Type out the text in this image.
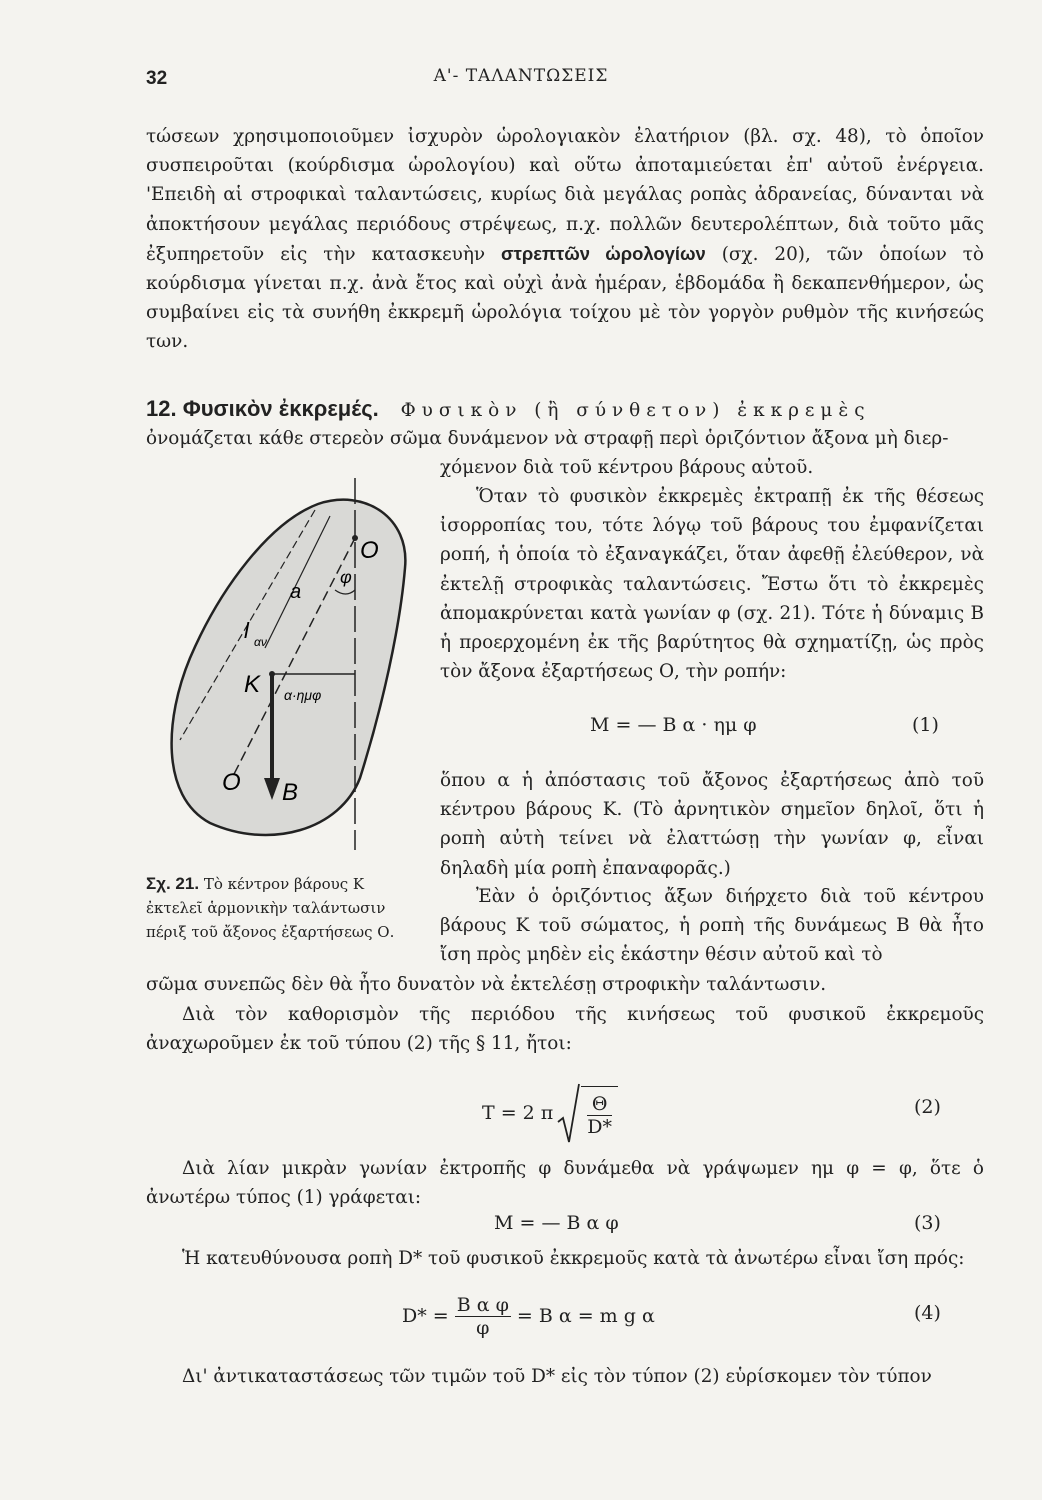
32	Α'- ΤΑΛΑΝΤΩΣΕΙΣ

τώσεων χρησιμοποιοῦμεν ἰσχυρὸν ὡρολογιακὸν ἐλατήριον (βλ. σχ. 48), τὸ ὁποῖον συσπειροῦται (κούρδισμα ὡρολογίου) καὶ οὕτω ἀποταμιεύεται ἐπ' αὐτοῦ ἐνέργεια. 'Επειδὴ αἱ στροφικαὶ ταλαντώσεις, κυρίως διὰ μεγάλας ροπὰς ἀδρανείας, δύνανται νὰ ἀποκτήσουν μεγάλας περιόδους στρέψεως, π.χ. πολλῶν δευτερολέπτων, διὰ τοῦτο μᾶς ἐξυπηρετοῦν εἰς τὴν κατασκευὴν στρεπτῶν ὡρολογίων (σχ. 20), τῶν ὁποίων τὸ κούρδισμα γίνεται π.χ. ἀνὰ ἔτος καὶ οὐχὶ ἀνὰ ἡμέραν, ἑβδομάδα ἢ δεκαπενθήμερον, ὡς συμβαίνει εἰς τὰ συνήθη ἐκκρεμῆ ὡρολόγια τοίχου μὲ τὸν γοργὸν ρυθμὸν τῆς κινήσεώς των.

12. Φυσικὸν ἐκκρεμές. Φυσικὸν (ἢ σύνθετον) ἐκκρεμὲς
ὀνομάζεται κάθε στερεὸν σῶμα δυνάμενον νὰ στραφῇ περὶ ὁριζόντιον ἄξονα μὴ διερ-
χόμενον διὰ τοῦ κέντρου βάρους αὐτοῦ.
O
φ
a
l αν
K α·ημφ
O B
Σχ. 21. Τὸ κέντρον βάρους Κ ἐκτελεῖ ἁρμονικὴν ταλάντωσιν πέριξ τοῦ ἄξονος ἐξαρτήσεως Ο.

Ὅταν τὸ φυσικὸν ἐκκρεμὲς ἐκτραπῇ ἐκ τῆς θέσεως ἰσορροπίας του, τότε λόγῳ τοῦ βάρους του ἐμφανίζεται ροπή, ἡ ὁποία τὸ ἐξαναγκάζει, ὅταν ἀφεθῇ ἐλεύθερον, νὰ ἐκτελῇ στροφικὰς ταλαντώσεις. Ἔστω ὅτι τὸ ἐκκρεμὲς ἀπομακρύνεται κατὰ γωνίαν φ (σχ. 21). Τότε ἡ δύναμις Β ἡ προερχομένη ἐκ τῆς βαρύτητος θὰ σχηματίζῃ, ὡς πρὸς τὸν ἄξονα ἐξαρτήσεως Ο, τὴν ροπήν:

Μ = — Β α · ημ φ	(1)

ὅπου α ἡ ἀπόστασις τοῦ ἄξονος ἐξαρτήσεως ἀπὸ τοῦ κέντρου βάρους Κ. (Τὸ ἀρνητικὸν σημεῖον δηλοῖ, ὅτι ἡ ροπὴ αὐτὴ τείνει νὰ ἐλαττώσῃ τὴν γωνίαν φ, εἶναι δηλαδὴ μία ροπὴ ἐπαναφορᾶς.)

Ἐὰν ὁ ὁριζόντιος ἄξων διήρχετο διὰ τοῦ κέντρου βάρους Κ τοῦ σώματος, ἡ ροπὴ τῆς δυνάμεως Β θὰ ἦτο ἴση πρὸς μηδὲν εἰς ἑκάστην θέσιν αὐτοῦ καὶ τὸ

σῶμα συνεπῶς δὲν θὰ ἦτο δυνατὸν νὰ ἐκτελέσῃ στροφικὴν ταλάντωσιν.

Διὰ τὸν καθορισμὸν τῆς περιόδου τῆς κινήσεως τοῦ φυσικοῦ ἐκκρεμοῦς ἀναχωροῦμεν ἐκ τοῦ τύπου (2) τῆς § 11, ἤτοι:

T = 2 π $\frac{\Theta}{D*}$	(2)

Διὰ λίαν μικρὰν γωνίαν ἐκτροπῆς φ δυνάμεθα νὰ γράψωμεν ημ φ = φ, ὅτε ὁ ἀνωτέρω τύπος (1) γράφεται:

Μ = — Β α φ	(3)

Ἡ κατευθύνουσα ροπὴ D* τοῦ φυσικοῦ ἐκκρεμοῦς κατὰ τὰ ἀνωτέρω εἶναι ἴση πρός:

$D* = \frac{\text{Β α φ}}{\varphi} = B$ α = m g α	(4)

Δι' ἀντικαταστάσεως τῶν τιμῶν τοῦ D* εἰς τὸν τύπον (2) εὑρίσκομεν τὸν τύπον
